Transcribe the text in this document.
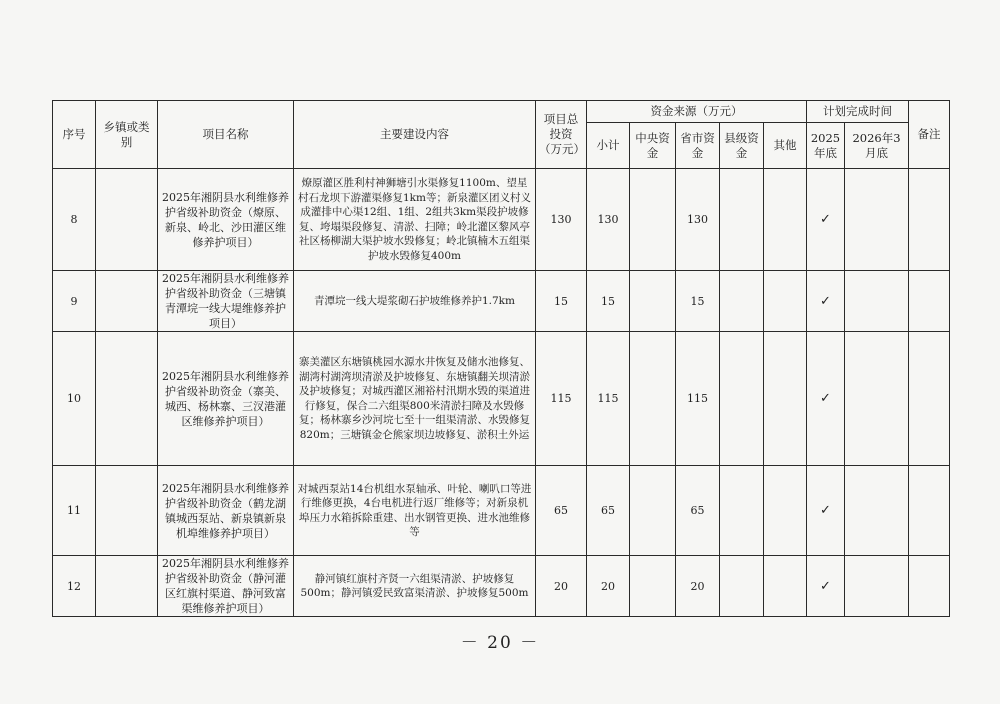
序号	乡镇或类别	项目名称	主要建设内容	项目总投资（万元）	资金来源（万元）					计划完成时间		备注
					小计	中央资金	省市资金	县级资金	其他	2025年底	2026年3月底	
8		2025年湘阴县水利维修养护省级补助资金（燎原、新泉、岭北、沙田灌区维修养护项目）	燎原灌区胜利村神狮塘引水渠修复1100m、望星村石龙坝下游灌渠修复1km等；新泉灌区团义村义成灌排中心渠12组、1组、2组共3km渠段护坡修复、垮塌渠段修复、清淤、扫障；岭北灌区黎风亭社区杨柳湖大渠护坡水毁修复；岭北镇楠木五组渠护坡水毁修复400m	130	130		130			✓		
9		2025年湘阴县水利维修养护省级补助资金（三塘镇青潭垸一线大堤维修养护项目）	青潭垸一线大堤浆砌石护坡维修养护1.7km	15	15		15			✓		
10		2025年湘阴县水利维修养护省级补助资金（寨美、城西、杨林寨、三汊港灌区维修养护项目）	寨美灌区东塘镇桃园水源水井恢复及储水池修复、湖湾村湖湾坝清淤及护坡修复、东塘镇翻关坝清淤及护坡修复；对城西灌区湘裕村汛期水毁的渠道进行修复，保合二六组渠800米清淤扫障及水毁修复；杨林寨乡沙河垸七至十一组渠清淤、水毁修复820m；三塘镇金仑熊家坝边坡修复、淤积土外运	115	115		115			✓		
11		2025年湘阴县水利维修养护省级补助资金（鹤龙湖镇城西泵站、新泉镇新泉机埠维修养护项目）	对城西泵站14台机组水泵轴承、叶轮、喇叭口等进行维修更换，4台电机进行返厂维修等；对新泉机埠压力水箱拆除重建、出水钢管更换、进水池维修等	65	65		65			✓		
12		2025年湘阴县水利维修养护省级补助资金（静河灌区红旗村渠道、静河致富渠维修养护项目）	静河镇红旗村齐贤一六组渠清淤、护坡修复500m；静河镇爱民致富渠清淤、护坡修复500m	20	20		20			✓		
－ 20 －
